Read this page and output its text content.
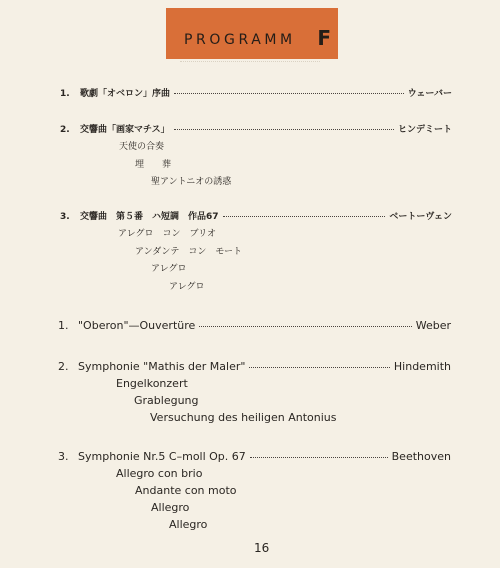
PROGRAMM F
1.	歌劇「オベロン」序曲	ウェーバー
2.	交響曲「画家マチス」	ヒンデミート
天使の合奏
埋　　葬
聖アントニオの誘惑
3.	交響曲　第５番　ハ短調　作品67	ベートーヴェン
アレグロ　コン　ブリオ
アンダンテ　コン　モート
アレグロ
アレグロ
1. "Oberon"—Ouvertüre	Weber
2. Symphonie "Mathis der Maler"	Hindemith
Engelkonzert
Grablegung
Versuchung des heiligen Antonius
3. Symphonie Nr.5 C–moll Op. 67	Beethoven
Allegro con brio
Andante con moto
Allegro
Allegro
16
